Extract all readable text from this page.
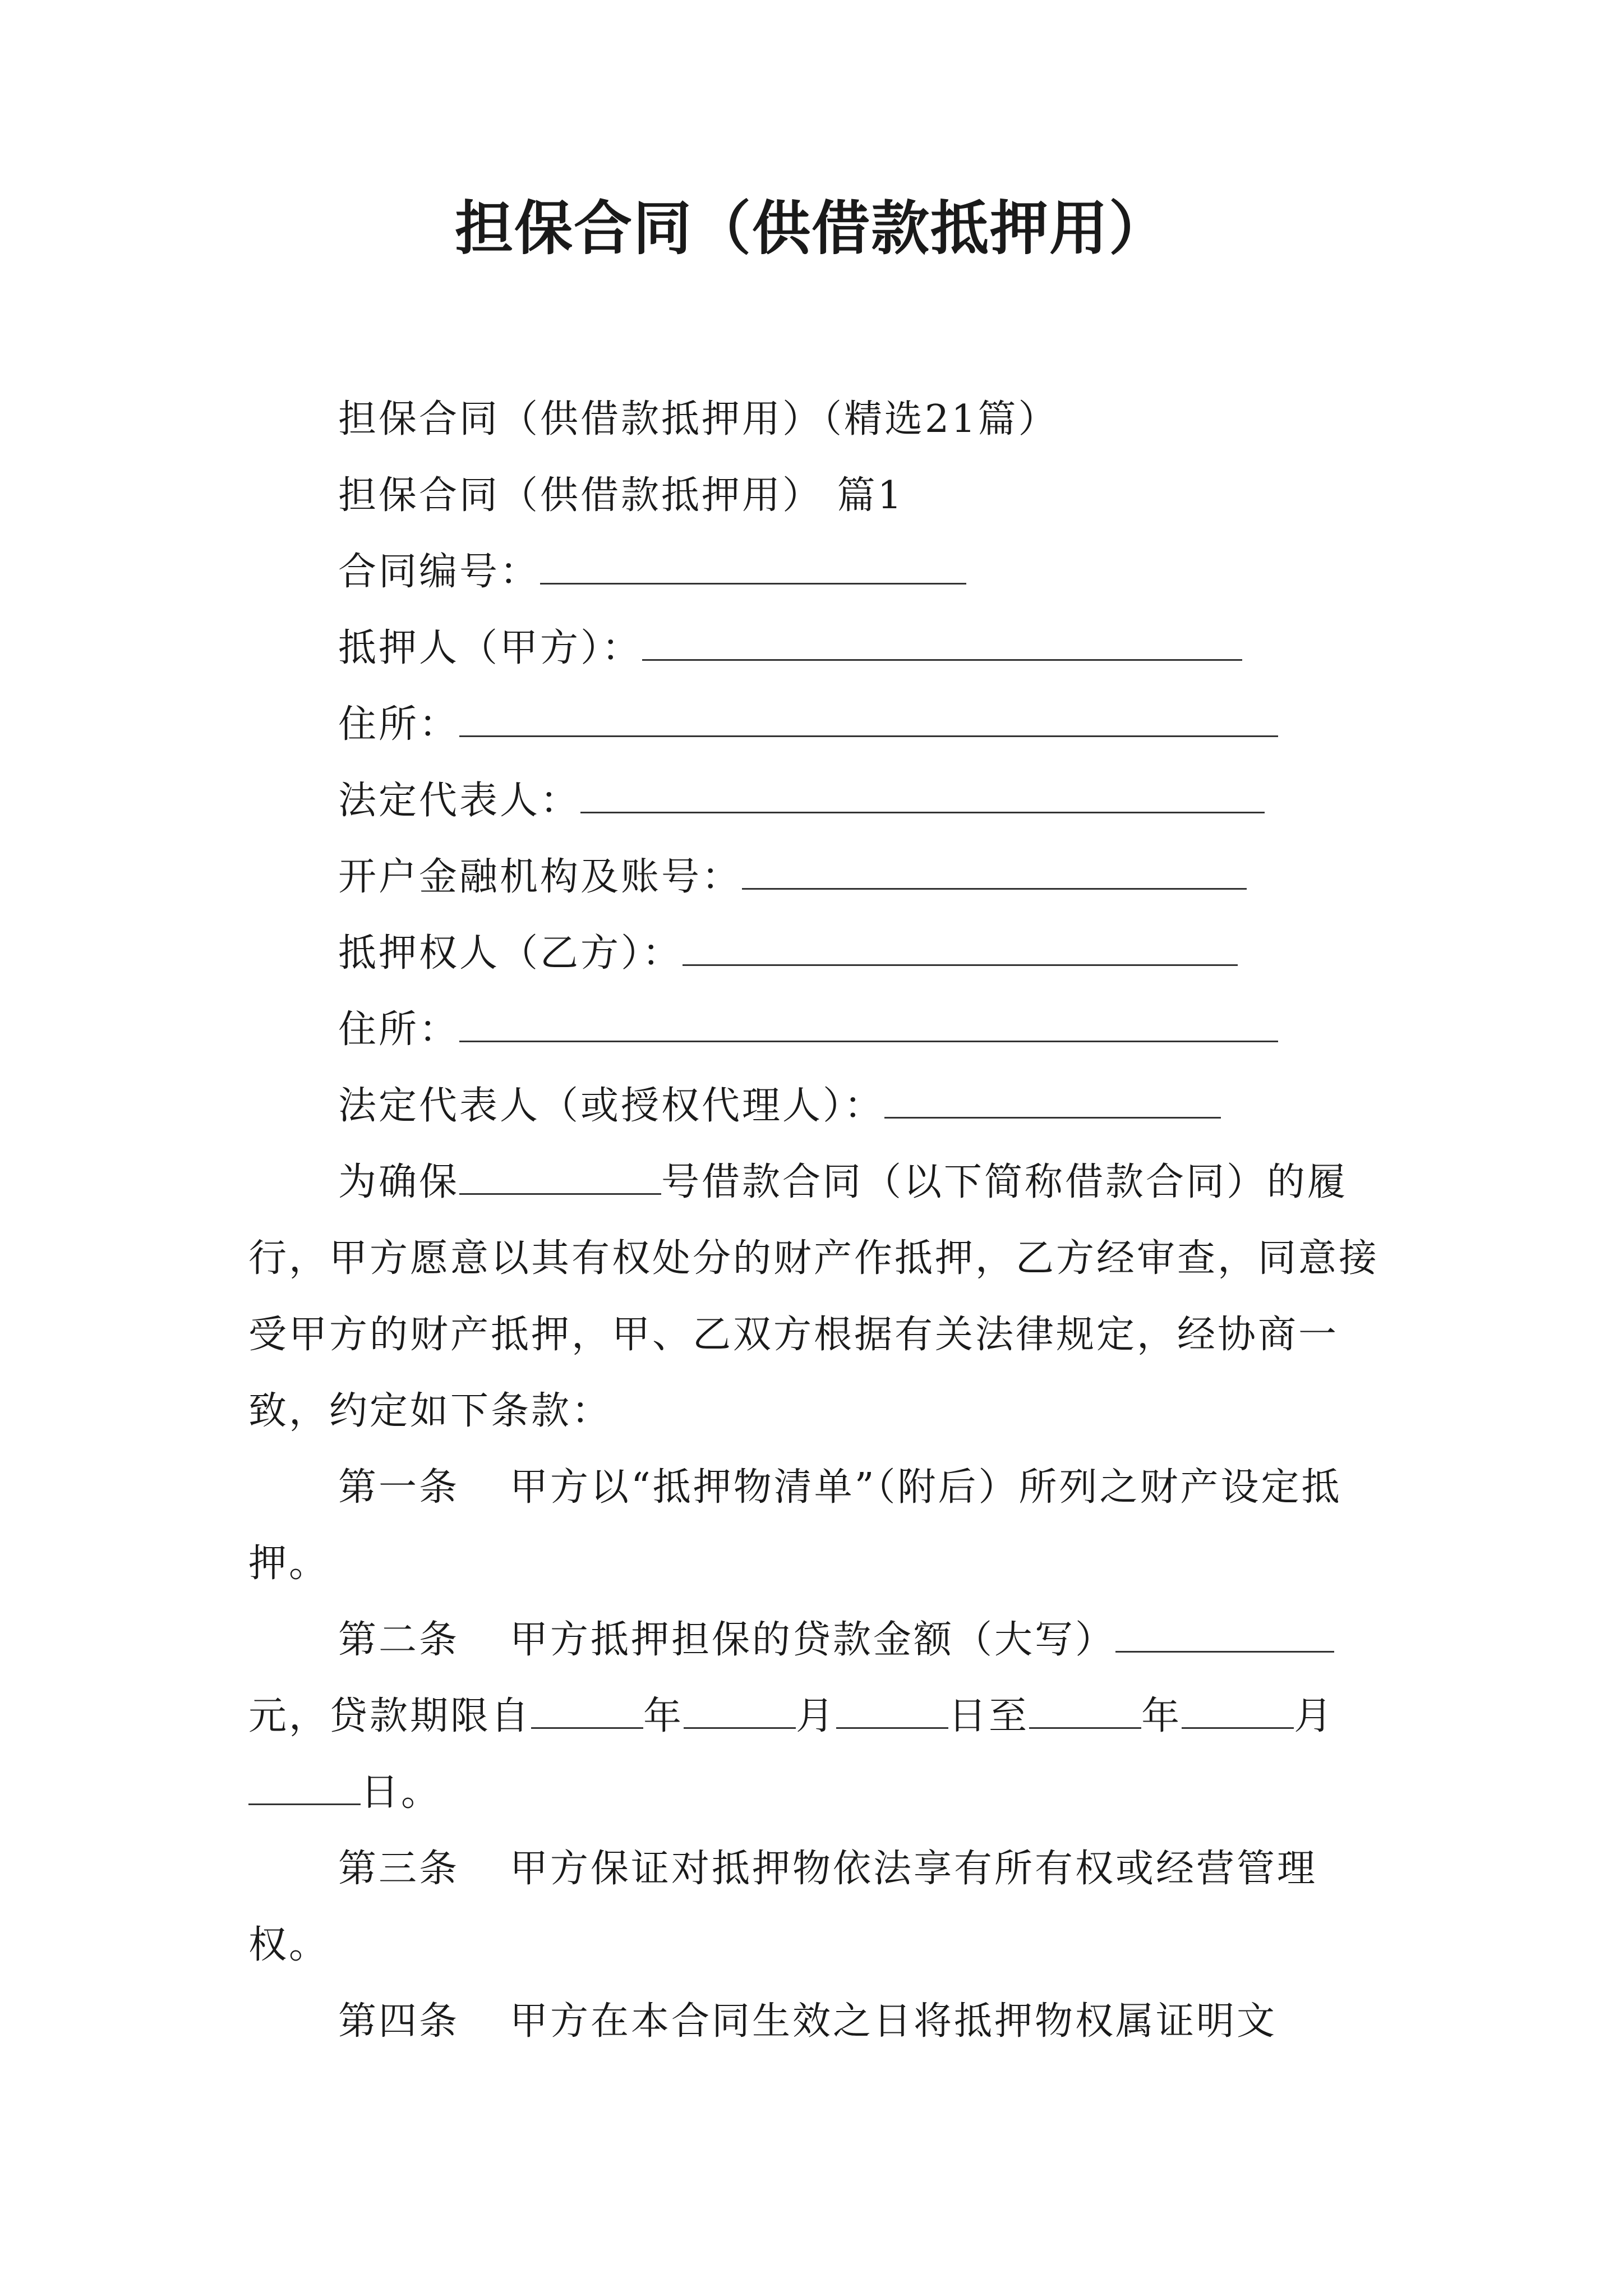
担保合同（供借款抵押用）
担保合同（供借款抵押用）（精选21篇）
担保合同（供借款抵押用） 篇1
合同编号：
抵押人（甲方）：
住所：
法定代表人：
开户金融机构及账号：
抵押权人（乙方）：
住所：
法定代表人（或授权代理人）：
为确保	号借款合同（以下简称借款合同）的履行，甲方愿意以其有权处分的财产作抵押，乙方经审查，同意接受甲方的财产抵押，甲、乙双方根据有关法律规定，经协商一致，约定如下条款：
第一条 甲方以“抵押物清单”（附后）所列之财产设定抵押。
第二条 甲方抵押担保的贷款金额（大写）元，贷款期限自	年	月	日至	年	月日。
第三条 甲方保证对抵押物依法享有所有权或经营管理权。
第四条 甲方在本合同生效之日将抵押物权属证明文
